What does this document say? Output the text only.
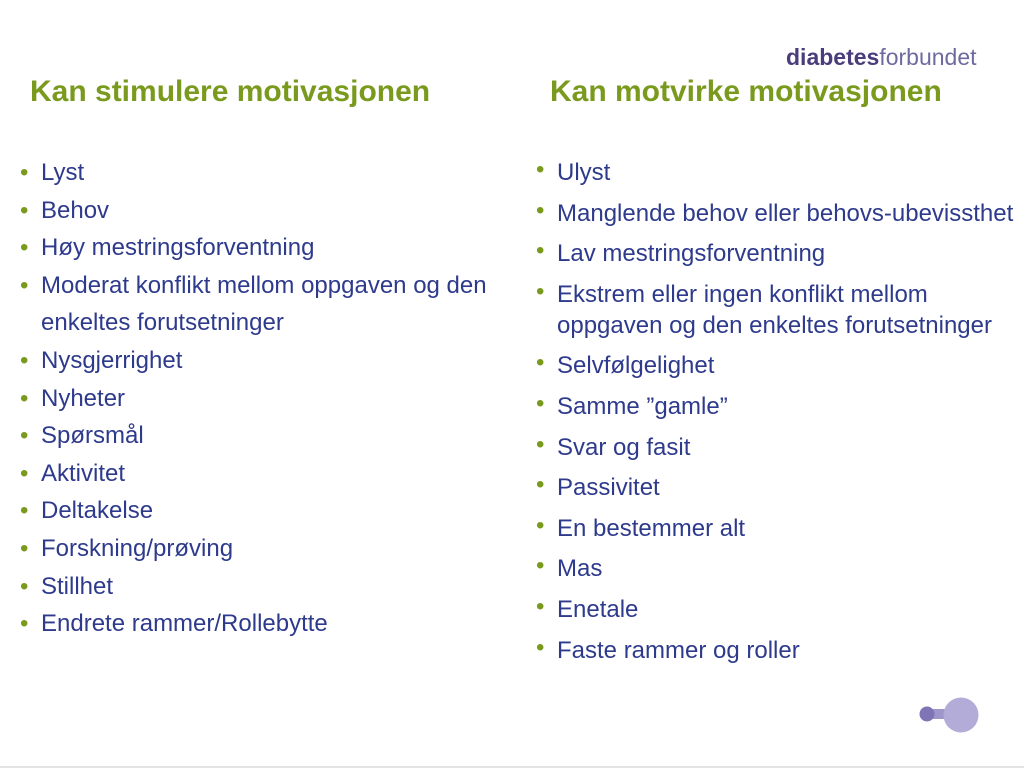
diabetesforbundet
Kan stimulere motivasjonen	Kan motvirke motivasjonen
• Lyst
• Behov
• Høy mestringsforventning
• Moderat konflikt mellom oppgaven og den enkeltes forutsetninger
• Nysgjerrighet
• Nyheter
• Spørsmål
• Aktivitet
• Deltakelse
• Forskning/prøving
• Stillhet
• Endrete rammer/Rollebytte
• Ulyst
• Manglende behov eller behovs-ubevissthet
• Lav mestringsforventning
• Ekstrem eller ingen konflikt mellom oppgaven og den enkeltes forutsetninger
• Selvfølgelighet
• Samme ”gamle”
• Svar og fasit
• Passivitet
• En bestemmer alt
• Mas
• Enetale
• Faste rammer og roller
